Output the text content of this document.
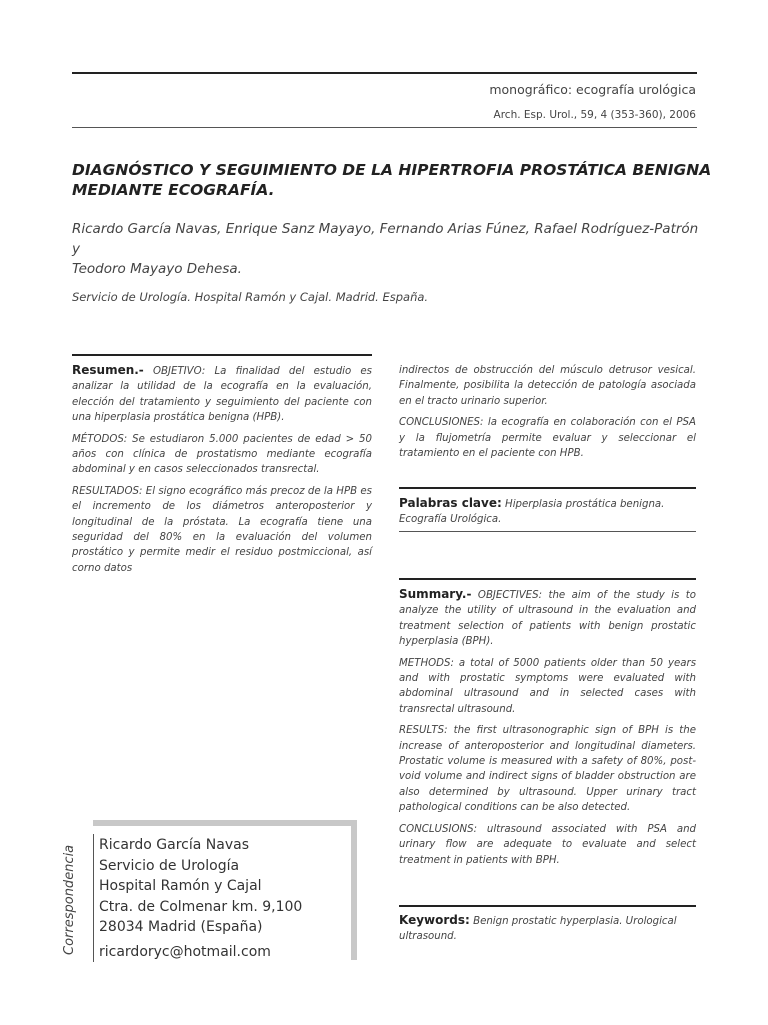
monográfico: ecografía urológica
Arch. Esp. Urol., 59, 4 (353-360), 2006
DIAGNÓSTICO Y SEGUIMIENTO DE LA HIPERTROFIA PROSTÁTICA BENIGNA
MEDIANTE ECOGRAFÍA.
Ricardo García Navas, Enrique Sanz Mayayo, Fernando Arias Fúnez, Rafael Rodríguez-Patrón y
Teodoro Mayayo Dehesa.
Servicio de Urología. Hospital Ramón y Cajal. Madrid. España.

Resumen.- OBJETIVO: La finalidad del estudio es analizar la utilidad de la ecografía en la evaluación, elección del tratamiento y seguimiento del paciente con una hiperplasia prostática benigna (HPB).

MÉTODOS: Se estudiaron 5.000 pacientes de edad > 50 años con clínica de prostatismo mediante ecografía abdominal y en casos seleccionados transrectal.

RESULTADOS: El signo ecográfico más precoz de la HPB es el incremento de los diámetros anteroposterior y longitudinal de la próstata. La ecografía tiene una seguridad del 80% en la evaluación del volumen prostático y permite medir el residuo postmiccional, así corno datos

indirectos de obstrucción del músculo detrusor vesical. Finalmente, posibilita la detección de patología asociada en el tracto urinario superior.

CONCLUSIONES: la ecografía en colaboración con el PSA y la flujometría permite evaluar y seleccionar el tratamiento en el paciente con HPB.

Palabras clave: Hiperplasia prostática benigna. Ecografía Urológica.

Summary.- OBJECTIVES: the aim of the study is to analyze the utility of ultrasound in the evaluation and treatment selection of patients with benign prostatic hyperplasia (BPH).

METHODS: a total of 5000 patients older than 50 years and with prostatic symptoms were evaluated with abdominal ultrasound and in selected cases with transrectal ultrasound.

RESULTS: the first ultrasonographic sign of BPH is the increase of anteroposterior and longitudinal diameters. Prostatic volume is measured with a safety of 80%, post-void volume and indirect signs of bladder obstruction are also determined by ultrasound. Upper urinary tract pathological conditions can be also detected.

CONCLUSIONS: ultrasound associated with PSA and urinary flow are adequate to evaluate and select treatment in patients with BPH.

Keywords: Benign prostatic hyperplasia. Urological ultrasound.
Correspondencia Ricardo García Navas
Servicio de Urología
Hospital Ramón y Cajal
Ctra. de Colmenar km. 9,100
28034 Madrid (España)
ricardoryc@hotmail.com
